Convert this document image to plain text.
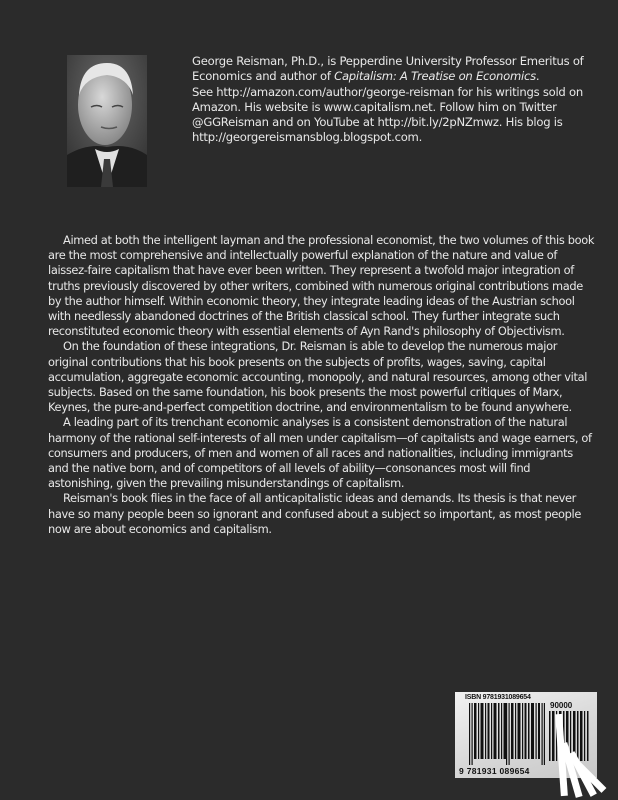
George Reisman, Ph.D., is Pepperdine University Professor Emeritus of Economics and author of Capitalism: A Treatise on Economics.

See http://amazon.com/author/george-reisman for his writings sold on Amazon. His website is www.capitalism.net. Follow him on Twitter @GGReisman and on YouTube at http://bit.ly/2pNZmwz. His blog is http://georgereismansblog.blogspot.com.

Aimed at both the intelligent layman and the professional economist, the two volumes of this book are the most comprehensive and intellectually powerful explanation of the nature and value of laissez-faire capitalism that have ever been written. They represent a twofold major integration of truths previously discovered by other writers, combined with numerous original contributions made by the author himself. Within economic theory, they integrate leading ideas of the Austrian school with needlessly abandoned doctrines of the British classical school. They further integrate such reconstituted economic theory with essential elements of Ayn Rand's philosophy of Objectivism.

On the foundation of these integrations, Dr. Reisman is able to develop the numerous major original contributions that his book presents on the subjects of profits, wages, saving, capital accumulation, aggregate economic accounting, monopoly, and natural resources, among other vital subjects. Based on the same foundation, his book presents the most powerful critiques of Marx, Keynes, the pure-and-perfect competition doctrine, and environmentalism to be found anywhere.

A leading part of its trenchant economic analyses is a consistent demonstration of the natural harmony of the rational self-interests of all men under capitalism—of capitalists and wage earners, of consumers and producers, of men and women of all races and nationalities, including immigrants and the native born, and of competitors of all levels of ability—consonances most will find astonishing, given the prevailing misunderstandings of capitalism.

Reisman's book flies in the face of all anticapitalistic ideas and demands. Its thesis is that never have so many people been so ignorant and confused about a subject so important, as most people now are about economics and capitalism.

ISBN 9781931089654
9 781931 089654
90000
